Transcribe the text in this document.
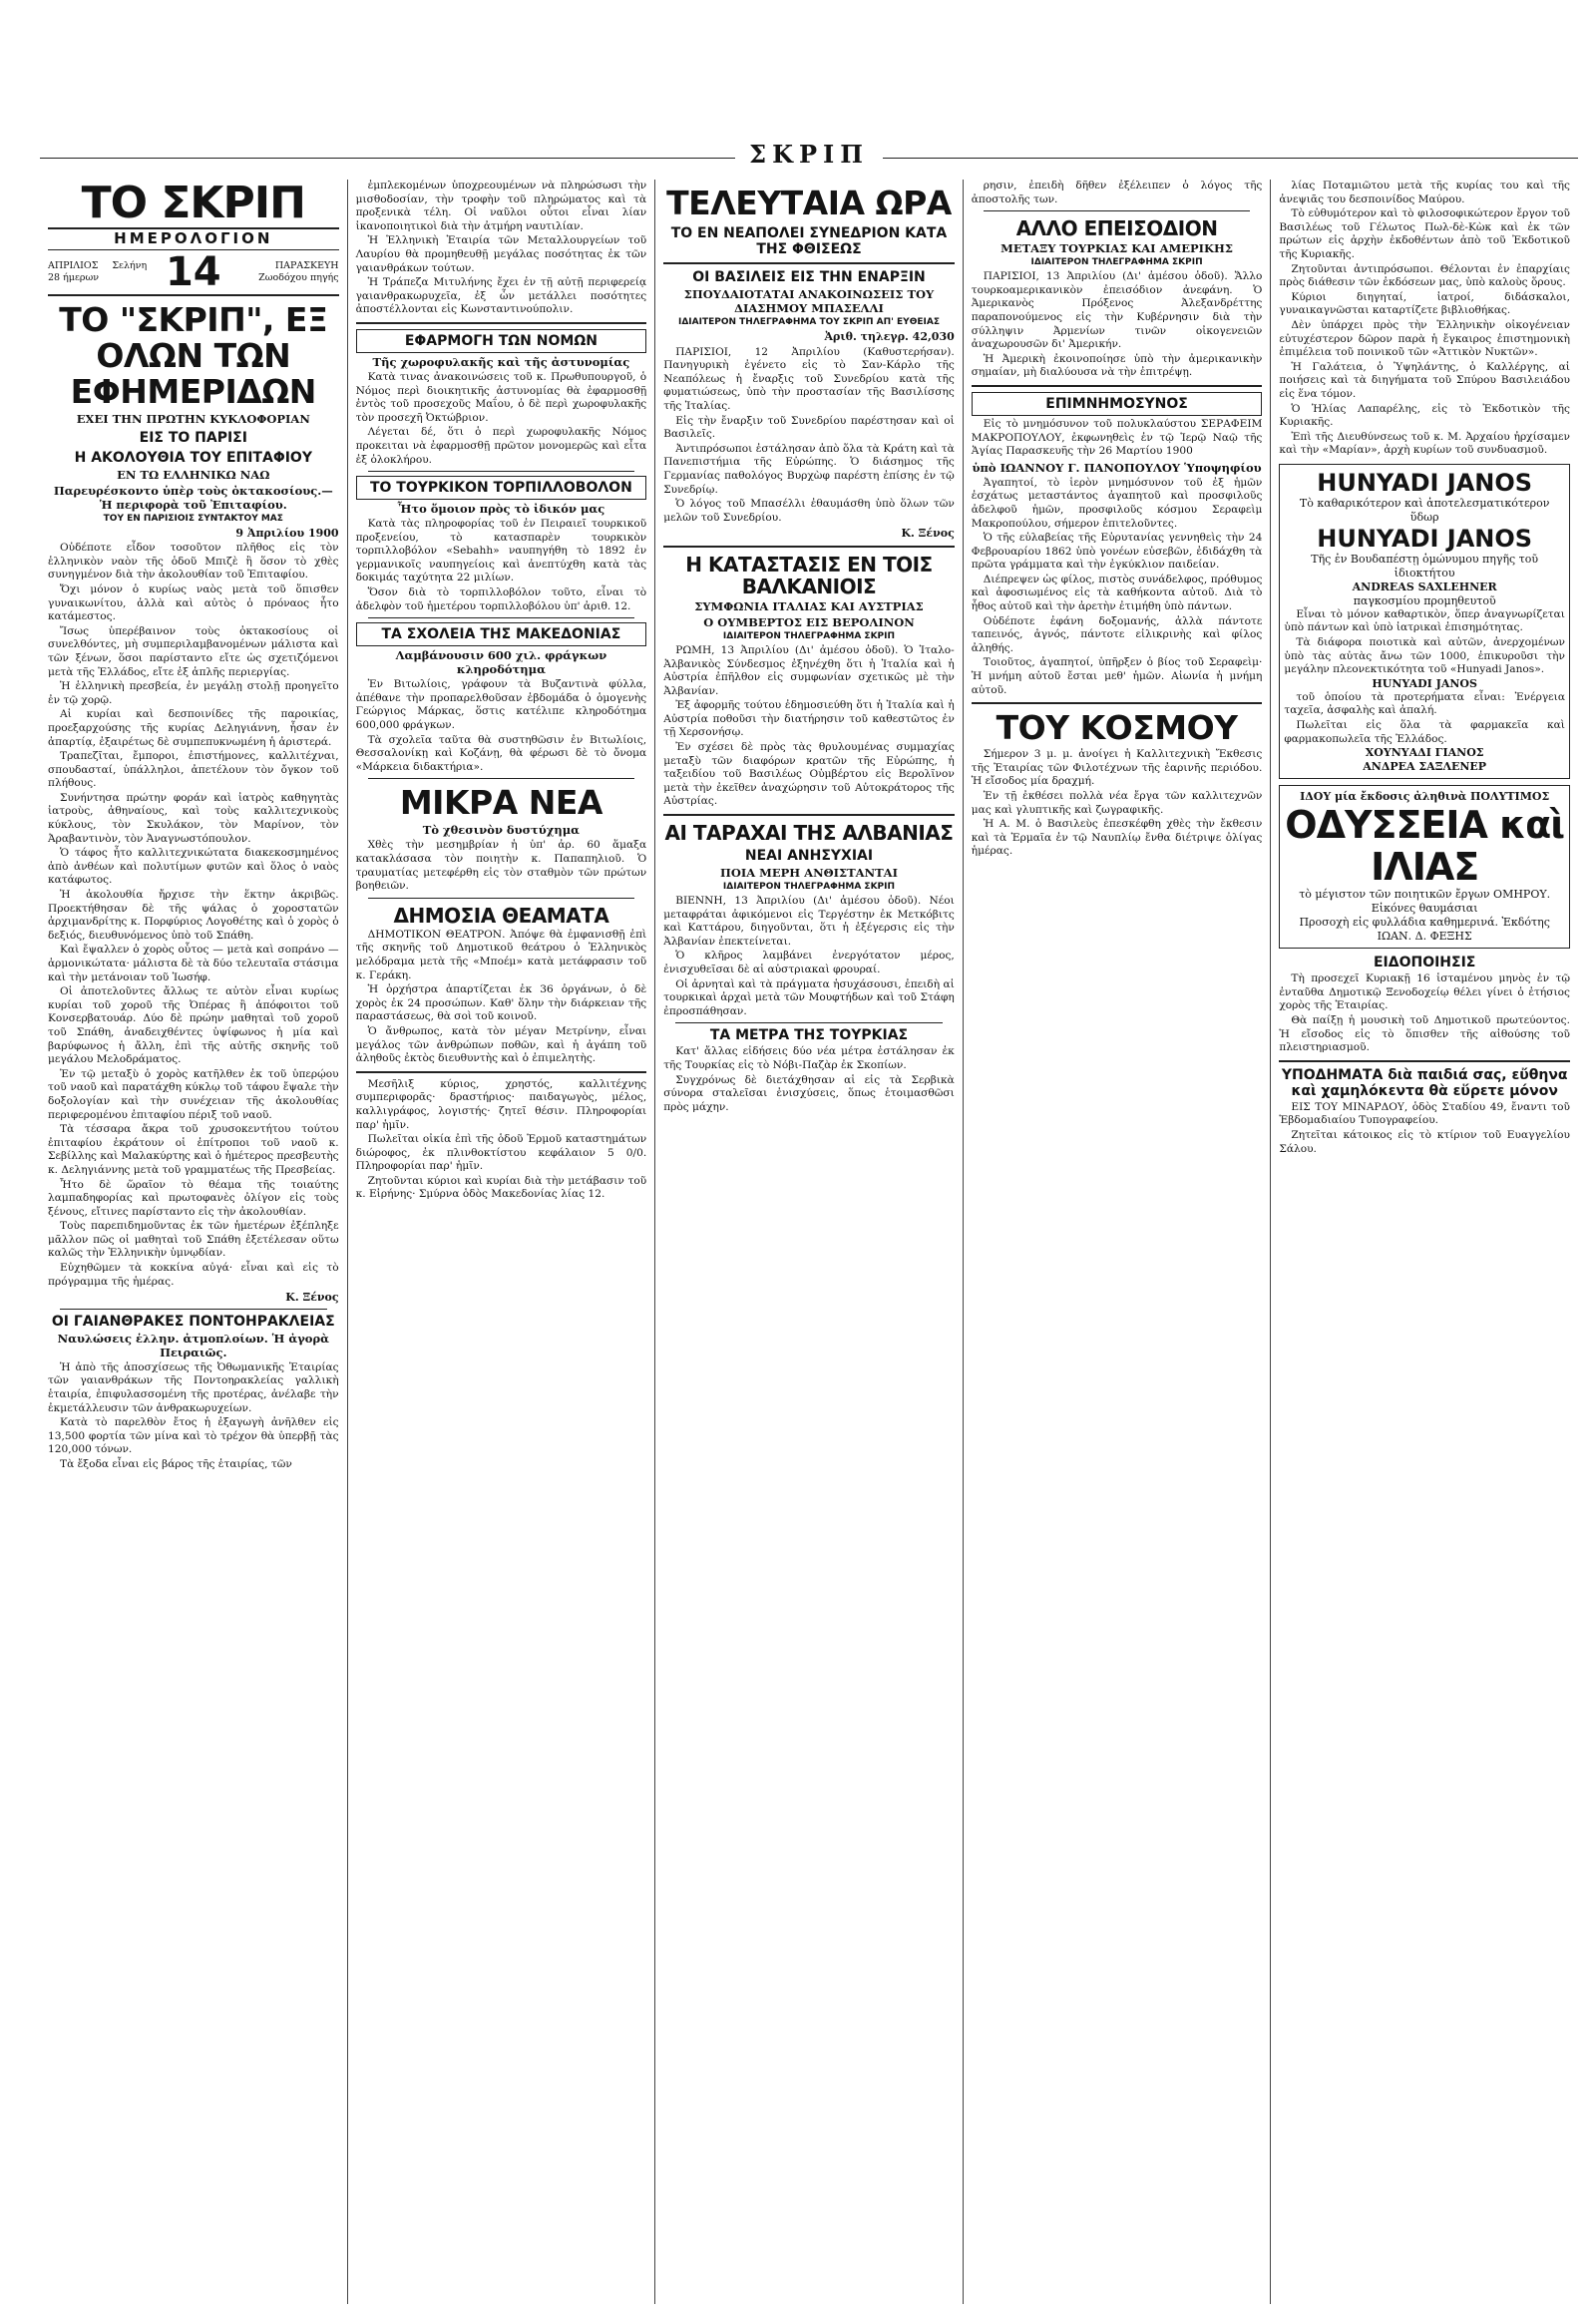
ΣΚΡΙΠ
ΤΟ ΣΚΡΙΠ
ΗΜΕΡΟΛΟΓΙΟΝ
ΑΠΡΙΛΙΟΣ Σελήνη 28 ήμερων	14	ΠΑΡΑΣΚΕΥΗ Ζωοδόχου πηγής
ΤΟ "ΣΚΡΙΠ", ΕΞ ΟΛΩΝ ΤΩΝ ΕΦΗΜΕΡΙΔΩΝ
ΕΧΕΙ ΤΗΝ ΠΡΩΤΗΝ ΚΥΚΛΟΦΟΡΙΑΝ
ΕΙΣ ΤΟ ΠΑΡΙΣΙ
Η ΑΚΟΛΟΥΘΙΑ ΤΟΥ ΕΠΙΤΑΦΙΟΥ
ΕΝ ΤΩ ΕΛΛΗΝΙΚΩ ΝΑΩ
Παρευρέσκοντο ὑπὲρ τοὺς ὀκτακοσίους.—Ἡ περιφορὰ τοῦ Ἐπιταφίου.
ΤΟΥ ΕΝ ΠΑΡΙΣΙΟΙΣ ΣΥΝΤΑΚΤΟΥ ΜΑΣ
9 Ἀπριλίου 1900

Οὐδέποτε εἶδον τοσοῦτον πλῆθος εἰς τὸν ἑλληνικὸν ναὸν τῆς ὁδοῦ Μπιζὲ ἢ ὅσον τὸ χθὲς συνηγμένον διὰ τὴν ἀκολουθίαν τοῦ Ἐπιταφίου.

Ὄχι μόνον ὁ κυρίως ναὸς μετὰ τοῦ ὅπισθεν γυναικωνίτου, ἀλλὰ καὶ αὐτὸς ὁ πρόναος ἦτο κατάμεστος.

Ἴσως ὑπερέβαινον τοὺς ὀκτακοσίους οἱ συνελθόντες, μὴ συμπεριλαμβανομένων μάλιστα καὶ τῶν ξένων, ὅσοι παρίσταντο εἴτε ὡς σχετιζόμενοι μετὰ τῆς Ἑλλάδος, εἴτε ἐξ ἁπλῆς περιεργίας.

Ἡ ἑλληνικὴ πρεσβεία, ἐν μεγάλῃ στολῇ προηγεῖτο ἐν τῷ χορῷ.

Αἱ κυρίαι καὶ δεσποινίδες τῆς παροικίας, προεξαρχούσης τῆς κυρίας Δεληγιάννη, ἦσαν ἐν ἀπαρτίᾳ, ἐξαιρέτως δὲ συμπεπυκνωμένη ἡ ἀριστερά.

Τραπεζῖται, ἔμποροι, ἐπιστήμονες, καλλιτέχναι, σπουδασταί, ὑπάλληλοι, ἀπετέλουν τὸν ὄγκον τοῦ πλήθους.

Συνήντησα πρώτην φοράν καὶ ἰατρὸς καθηγητὰς ἰατροὺς, ἀθηναίους, καὶ τοὺς καλλιτεχνικοὺς κύκλους, τὸν Σκυλάκον, τὸν Μαρίνον, τὸν Ἀραβαντινὸν, τὸν Ἀναγνωστόπουλον.

Ὁ τάφος ἦτο καλλιτεχνικώτατα διακεκοσμημένος ἀπὸ ἀνθέων καὶ πολυτίμων φυτῶν καὶ ὅλος ὁ ναὸς κατάφωτος.

Ἡ ἀκολουθία ἤρχισε τὴν ἕκτην ἀκριβῶς. Προεκτήθησαν δὲ τῆς ψάλας ὁ χοροστατῶν ἀρχιμανδρίτης κ. Πορφύριος Λογοθέτης καὶ ὁ χορὸς ὁ δεξιός, διευθυνόμενος ὑπὸ τοῦ Σπάθη.

Καὶ ἔψαλλεν ὁ χορὸς οὗτος — μετὰ καὶ σοπράνο — ἁρμονικώτατα· μάλιστα δὲ τὰ δύο τελευταῖα στάσιμα καὶ τὴν μετάνοιαν τοῦ Ἰωσήφ.

Οἱ ἀποτελοῦντες ἄλλως τε αὐτὸν εἶναι κυρίως κυρίαι τοῦ χοροῦ τῆς Ὀπέρας ἢ ἀπόφοιτοι τοῦ Κονσερβατουάρ. Δύο δὲ πρώην μαθηταὶ τοῦ χοροῦ τοῦ Σπάθη, ἀναδειχθέντες ὑψίφωνος ἡ μία καὶ βαρύφωνος ἡ ἄλλη, ἐπὶ τῆς αὐτῆς σκηνῆς τοῦ μεγάλου Μελοδράματος.

Ἐν τῷ μεταξὺ ὁ χορὸς κατῆλθεν ἐκ τοῦ ὑπερῴου τοῦ ναοῦ καὶ παρατάχθη κύκλῳ τοῦ τάφου ἔψαλε τὴν δοξολογίαν καὶ τὴν συνέχειαν τῆς ἀκολουθίας περιφερομένου ἐπιταφίου πέριξ τοῦ ναοῦ.

Τὰ τέσσαρα ἄκρα τοῦ χρυσοκεντήτου τούτου ἐπιταφίου ἐκράτουν οἱ ἐπίτροποι τοῦ ναοῦ κ. Σεβίλλης καὶ Μαλακύρτης καὶ ὁ ἡμέτερος πρεσβευτὴς κ. Δεληγιάννης μετὰ τοῦ γραμματέως τῆς Πρεσβείας.

Ἦτο δὲ ὥραῖον τὸ θέαμα τῆς τοιαύτης λαμπαδηφορίας καὶ πρωτοφανὲς ὀλίγον εἰς τοὺς ξένους, εἴτινες παρίσταντο εἰς τὴν ἀκολουθίαν.

Τοὺς παρεπιδημοῦντας ἐκ τῶν ἡμετέρων ἐξέπληξε μᾶλλον πῶς οἱ μαθηταὶ τοῦ Σπάθη ἐξετέλεσαν οὕτω καλῶς τὴν Ἑλληνικὴν ὑμνῳδίαν.

Εὐχηθῶμεν τὰ κοκκίνα αὐγά· εἶναι καὶ εἰς τὸ πρόγραμμα τῆς ἡμέρας.

Κ. Ξένος
ΟΙ ΓΑΙΑΝΘΡΑΚΕΣ ΠΟΝΤΟΗΡΑΚΛΕΙΑΣ
Ναυλώσεις ἑλλην. ἀτμοπλοίων. Ἡ ἀγορὰ Πειραιῶς.

Ἡ ἀπὸ τῆς ἀποσχίσεως τῆς Ὀθωμανικῆς Ἑταιρίας τῶν γαιανθράκων τῆς Ποντοηρακλείας γαλλικὴ ἑταιρία, ἐπιφυλασσομένη τῆς προτέρας, ἀνέλαβε τὴν ἐκμετάλλευσιν τῶν ἀνθρακωρυχείων.

Κατὰ τὸ παρελθὸν ἔτος ἡ ἐξαγωγὴ ἀνῆλθεν εἰς 13,500 φορτία τῶν μίνα καὶ τὸ τρέχον θὰ ὑπερβῇ τὰς 120,000 τόνων.

Τὰ ἔξοδα εἶναι εἰς βάρος τῆς ἑταιρίας, τῶν

ἐμπλεκομένων ὑποχρεουμένων νὰ πληρώσωσι τὴν μισθοδοσίαν, τὴν τροφὴν τοῦ πληρώματος καὶ τὰ προξενικὰ τέλη. Οἱ ναῦλοι οὗτοι εἶναι λίαν ἱκανοποιητικοὶ διὰ τὴν ἀτμήρη ναυτιλίαν.

Ἡ Ἑλληνικὴ Ἑταιρία τῶν Μεταλλουργείων τοῦ Λαυρίου θὰ προμηθευθῇ μεγάλας ποσότητας ἐκ τῶν γαιανθράκων τούτων.

Ἡ Τράπεζα Μιτυλήνης ἔχει ἐν τῇ αὐτῇ περιφερείᾳ γαιανθρακωρυχεῖα, ἐξ ὧν μετάλλει ποσότητες ἀποστέλλονται εἰς Κωνσταντινούπολιν.

ΕΦΑΡΜΟΓΗ ΤΩΝ ΝΟΜΩΝ
Τῆς χωροφυλακῆς καὶ τῆς ἀστυνομίας

Κατὰ τινας ἀνακοινώσεις τοῦ κ. Πρωθυπουργοῦ, ὁ Νόμος περὶ διοικητικῆς ἀστυνομίας θὰ ἐφαρμοσθῇ ἐντὸς τοῦ προσεχοῦς Μαΐου, ὁ δὲ περὶ χωροφυλακῆς τὸν προσεχῆ Ὀκτώβριον.

Λέγεται δέ, ὅτι ὁ περὶ χωροφυλακῆς Νόμος προκειται νὰ ἐφαρμοσθῇ πρῶτον μονομερῶς καὶ εἶτα ἐξ ὁλοκλήρου.

ΤΟ ΤΟΥΡΚΙΚΟΝ ΤΟΡΠΙΛΛΟΒΟΛΟΝ
Ἦτο ὅμοιον πρὸς τὸ ἰδικόν μας

Κατὰ τὰς πληροφορίας τοῦ ἐν Πειραιεῖ τουρκικοῦ προξενείου, τὸ κατασπαρὲν τουρκικὸν τορπιλλοβόλον «Sebahh» ναυπηγήθη τὸ 1892 ἐν γερμανικοῖς ναυπηγείοις καὶ ἀνεπτύχθη κατὰ τὰς δοκιμάς ταχύτητα 22 μιλίων.

Ὅσον διὰ τὸ τορπιλλοβόλον τοῦτο, εἶναι τὸ ἀδελφὸν τοῦ ἡμετέρου τορπιλλοβόλου ὑπ' ἀριθ. 12.

ΤΑ ΣΧΟΛΕΙΑ ΤΗΣ ΜΑΚΕΔΟΝΙΑΣ
Λαμβάνουσιν 600 χιλ. φράγκων κληροδότημα

Ἐν Βιτωλίοις, γράφουν τὰ Βυζαντινὰ φύλλα, ἀπέθανε τὴν προπαρελθοῦσαν ἑβδομάδα ὁ ὁμογενὴς Γεώργιος Μάρκας, ὅστις κατέλιπε κληροδότημα 600,000 φράγκων.

Τὰ σχολεῖα ταῦτα θὰ συστηθῶσιν ἐν Βιτωλίοις, Θεσσαλονίκῃ καὶ Κοζάνῃ, θὰ φέρωσι δὲ τὸ ὄνομα «Μάρκεια διδακτήρια».

ΜΙΚΡΑ ΝΕΑ
Τὸ χθεσινὸν δυστύχημα

Χθὲς τὴν μεσημβρίαν ἡ ὑπ' ἀρ. 60 ἅμαξα κατακλάσασα τὸν ποιητὴν κ. Παπαπηλιοῦ. Ὁ τραυματίας μετεφέρθη εἰς τὸν σταθμὸν τῶν πρώτων βοηθειῶν.

ΔΗΜΟΣΙΑ ΘΕΑΜΑΤΑ

ΔΗΜΟΤΙΚΟΝ ΘΕΑΤΡΟΝ. Ἀπόψε θὰ ἐμφανισθῇ ἐπὶ τῆς σκηνῆς τοῦ Δημοτικοῦ θεάτρου ὁ Ἑλληνικὸς μελόδραμα μετὰ τῆς «Μποέμ» κατὰ μετάφρασιν τοῦ κ. Γεράκη.

Ἡ ὀρχήστρα ἀπαρτίζεται ἐκ 36 ὀργάνων, ὁ δὲ χορὸς ἐκ 24 προσώπων. Καθ' ὅλην τὴν διάρκειαν τῆς παραστάσεως, θὰ σοὶ τοῦ κοινοῦ.

Ὁ ἄνθρωπος, κατὰ τὸν μέγαν Μετρίνην, εἶναι μεγάλος τῶν ἀνθρώπων ποθῶν, καὶ ἡ ἀγάπη τοῦ ἀληθοῦς ἐκτὸς διευθυντὴς καὶ ὁ ἐπιμελητὴς.

Μεσῆλιξ κύριος, χρηστός, καλλιτέχνης συμπεριφορᾶς· δραστήριος· παιδαγωγὸς, μέλος, καλλιγράφος, λογιστής· ζητεῖ θέσιν. Πληροφορίαι παρ' ἡμῖν.

Πωλεῖται οἰκία ἐπὶ τῆς ὁδοῦ Ἑρμοῦ καταστημάτων διώροφος, ἐκ πλινθοκτίστου κεφάλαιον 5 0/0. Πληροφορίαι παρ' ἡμῖν.

Ζητοῦνται κύριοι καὶ κυρίαι διὰ τὴν μετάβασιν τοῦ κ. Εἰρήνης· Σμύρνα ὁδὸς Μακεδονίας λίας 12.

ΤΕΛΕΥΤΑΙΑ ΩΡΑ
ΤΟ ΕΝ ΝΕΑΠΟΛΕΙ ΣΥΝΕΔΡΙΟΝ ΚΑΤΑ ΤΗΣ ΦΘΙΣΕΩΣ
ΟΙ ΒΑΣΙΛΕΙΣ ΕΙΣ ΤΗΝ ΕΝΑΡΞΙΝ
ΣΠΟΥΔΑΙΟΤΑΤΑΙ ΑΝΑΚΟΙΝΩΣΕΙΣ ΤΟΥ ΔΙΑΣΗΜΟΥ ΜΠΑΣΕΛΛΙ
ΙΔΙΑΙΤΕΡΟΝ ΤΗΛΕΓΡΑΦΗΜΑ ΤΟΥ ΣΚΡΙΠ ΑΠ' ΕΥΘΕΙΑΣ
Ἀριθ. τηλεγρ. 42,030

ΠΑΡΙΣΙΟΙ, 12 Ἀπριλίου (Καθυστερήσαν). Πανηγυρικὴ ἐγένετο εἰς τὸ Σαν-Κάρλο τῆς Νεαπόλεως ἡ ἔναρξις τοῦ Συνεδρίου κατὰ τῆς φυματιώσεως, ὑπὸ τὴν προστασίαν τῆς Βασιλίσσης τῆς Ἰταλίας.

Εἰς τὴν ἔναρξιν τοῦ Συνεδρίου παρέστησαν καὶ οἱ Βασιλεῖς.

Ἀντιπρόσωποι ἐστάλησαν ἀπὸ ὅλα τὰ Κράτη καὶ τὰ Πανεπιστήμια τῆς Εὐρώπης. Ὁ διάσημος τῆς Γερμανίας παθολόγος Βυρχὼφ παρέστη ἐπίσης ἐν τῷ Συνεδρίῳ.

Ὁ λόγος τοῦ Μπασέλλι ἐθαυμάσθη ὑπὸ ὅλων τῶν μελῶν τοῦ Συνεδρίου.

Κ. Ξένος
Η ΚΑΤΑΣΤΑΣΙΣ ΕΝ ΤΟΙΣ ΒΑΛΚΑΝΙΟΙΣ
ΣΥΜΦΩΝΙΑ ΙΤΑΛΙΑΣ ΚΑΙ ΑΥΣΤΡΙΑΣ
Ο ΟΥΜΒΕΡΤΟΣ ΕΙΣ ΒΕΡΟΛΙΝΟΝ
ΙΔΙΑΙΤΕΡΟΝ ΤΗΛΕΓΡΑΦΗΜΑ ΣΚΡΙΠ

ΡΩΜΗ, 13 Ἀπριλίου (Δι' ἀμέσου ὁδοῦ). Ὁ Ἰταλο-Ἀλβανικὸς Σύνδεσμος ἐξηνέχθη ὅτι ἡ Ἰταλία καὶ ἡ Αὐστρία ἐπῆλθον εἰς συμφωνίαν σχετικῶς μὲ τὴν Ἀλβανίαν.

Ἐξ ἀφορμῆς τούτου ἐδημοσιεύθη ὅτι ἡ Ἰταλία καὶ ἡ Αὐστρία ποθοῦσι τὴν διατήρησιν τοῦ καθεστῶτος ἐν τῇ Χερσονήσῳ.

Ἐν σχέσει δὲ πρὸς τὰς θρυλουμένας συμμαχίας μεταξὺ τῶν διαφόρων κρατῶν τῆς Εὐρώπης, ἡ ταξειδίου τοῦ Βασιλέως Οὐμβέρτου εἰς Βερολῖνον μετὰ τὴν ἐκεῖθεν ἀναχώρησιν τοῦ Αὐτοκράτορος τῆς Αὐστρίας.

ΑΙ ΤΑΡΑΧΑΙ ΤΗΣ ΑΛΒΑΝΙΑΣ
ΝΕΑΙ ΑΝΗΣΥΧΙΑΙ
ΠΟΙΑ ΜΕΡΗ ΑΝΘΙΣΤΑΝΤΑΙ
ΙΔΙΑΙΤΕΡΟΝ ΤΗΛΕΓΡΑΦΗΜΑ ΣΚΡΙΠ

ΒΙΕΝΝΗ, 13 Ἀπριλίου (Δι' ἀμέσου ὁδοῦ). Νέοι μεταφράται ἀφικόμενοι εἰς Τεργέστην ἐκ Μετκόβιτς καὶ Καττάρου, διηγοῦνται, ὅτι ἡ ἐξέγερσις εἰς τὴν Ἀλβανίαν ἐπεκτείνεται.

Ὁ κλῆρος λαμβάνει ἐνεργότατον μέρος, ἐνισχυθεῖσαι δὲ αἱ αὐστριακαὶ φρουραί.

Οἱ ἀρνηταὶ καὶ τὰ πράγματα ἡσυχάσουσι, ἐπειδὴ αἱ τουρκικαὶ ἀρχαὶ μετὰ τῶν Μουφτήδων καὶ τοῦ Στάφη ἐπροσπάθησαν.

ΤΑ ΜΕΤΡΑ ΤΗΣ ΤΟΥΡΚΙΑΣ

Κατ' ἄλλας εἰδήσεις δύο νέα μέτρα ἐστάλησαν ἐκ τῆς Τουρκίας εἰς τὸ Νόβι-Παζὰρ ἐκ Σκοπίων.

Συγχρόνως δὲ διετάχθησαν αἱ εἰς τὰ Σερβικὰ σύνορα σταλεῖσαι ἐνισχύσεις, ὅπως ἑτοιμασθῶσι πρὸς μάχην.

ρησιν, ἐπειδὴ δῆθεν ἐξέλειπεν ὁ λόγος τῆς ἀποστολῆς των.

ΑΛΛΟ ΕΠΕΙΣΟΔΙΟΝ
ΜΕΤΑΞΥ ΤΟΥΡΚΙΑΣ ΚΑΙ ΑΜΕΡΙΚΗΣ
ΙΔΙΑΙΤΕΡΟΝ ΤΗΛΕΓΡΑΦΗΜΑ ΣΚΡΙΠ

ΠΑΡΙΣΙΟΙ, 13 Ἀπριλίου (Δι' ἀμέσου ὁδοῦ). Ἄλλο τουρκοαμερικανικὸν ἐπεισόδιον ἀνεφάνη. Ὁ Ἀμερικανὸς Πρόξενος Ἀλεξανδρέττης παραπονούμενος εἰς τὴν Κυβέρνησιν διὰ τὴν σύλληψιν Ἀρμενίων τινῶν οἰκογενειῶν ἀναχωρουσῶν δι' Ἀμερικήν.

Ἡ Ἀμερικὴ ἐκοινοποίησε ὑπὸ τὴν ἀμερικανικὴν σημαίαν, μὴ διαλύουσα νὰ τὴν ἐπιτρέψῃ.

ΕΠΙΜΝΗΜΟΣΥΝΟΣ

Εἰς τὸ μνημόσυνον τοῦ πολυκλαύστου ΣΕΡΑΦΕΙΜ ΜΑΚΡΟΠΟΥΛΟΥ, ἐκφωνηθεὶς ἐν τῷ Ἱερῷ Ναῷ τῆς Ἁγίας Παρασκευῆς τὴν 26 Μαρτίου 1900

ὑπὸ ΙΩΑΝΝΟΥ Γ. ΠΑΝΟΠΟΥΛΟΥ Ὑποψηφίου

Ἀγαπητοί, τὸ ἱερὸν μνημόσυνον τοῦ ἐξ ἡμῶν ἐσχάτως μεταστάντος ἀγαπητοῦ καὶ προσφιλοῦς ἀδελφοῦ ἡμῶν, προσφιλοῦς κόσμου Σεραφεὶμ Μακροπούλου, σήμερον ἐπιτελοῦντες.

Ὁ τῆς εὐλαβείας τῆς Εὐρυτανίας γεννηθεὶς τὴν 24 Φεβρουαρίου 1862 ὑπὸ γονέων εὐσεβῶν, ἐδιδάχθη τὰ πρῶτα γράμματα καὶ τὴν ἐγκύκλιον παιδείαν.

Διέπρεψεν ὡς φίλος, πιστὸς συνάδελφος, πρόθυμος καὶ ἀφοσιωμένος εἰς τὰ καθήκοντα αὐτοῦ. Διὰ τὸ ἦθος αὐτοῦ καὶ τὴν ἀρετὴν ἐτιμήθη ὑπὸ πάντων.

Οὐδέποτε ἐφάνη δοξομανής, ἀλλὰ πάντοτε ταπεινός, ἁγνός, πάντοτε εἰλικρινὴς καὶ φίλος ἀληθής.

Τοιοῦτος, ἀγαπητοί, ὑπῆρξεν ὁ βίος τοῦ Σεραφεὶμ· Ἡ μνήμη αὐτοῦ ἔσται μεθ' ἡμῶν. Αἰωνία ἡ μνήμη αὐτοῦ.

ΤΟΥ ΚΟΣΜΟΥ

Σήμερον 3 μ. μ. ἀνοίγει ἡ Καλλιτεχνικὴ Ἔκθεσις τῆς Ἑταιρίας τῶν Φιλοτέχνων τῆς ἐαρινῆς περιόδου. Ἡ εἴσοδος μία δραχμή.

Ἐν τῇ ἐκθέσει πολλὰ νέα ἔργα τῶν καλλιτεχνῶν μας καὶ γλυπτικῆς καὶ ζωγραφικῆς.

Ἡ Α. Μ. ὁ Βασιλεὺς ἐπεσκέφθη χθὲς τὴν ἔκθεσιν καὶ τὰ Ἑρμαῖα ἐν τῷ Ναυπλίῳ ἔνθα διέτριψε ὀλίγας ἡμέρας.

λίας Ποταμιῶτου μετὰ τῆς κυρίας του καὶ τῆς ἀνεψιᾶς του δεσποινίδος Μαύρου.

Τὸ εὐθυμότερον καὶ τὸ φιλοσοφικώτερον ἔργον τοῦ Βασιλέως τοῦ Γέλωτος Πωλ-δὲ-Κὼκ καὶ ἐκ τῶν πρώτων εἰς ἀρχὴν ἐκδοθέντων ἀπὸ τοῦ Ἐκδοτικοῦ τῆς Κυριακῆς.

Ζητοῦνται ἀντιπρόσωποι. Θέλονται ἐν ἐπαρχίαις πρὸς διάθεσιν τῶν ἐκδόσεων μας, ὑπὸ καλοὺς ὅρους.

Κύριοι διηγηταί, ἰατροί, διδάσκαλοι, γυναικαγνῶσται καταρτίζετε βιβλιοθήκας.

Δὲν ὑπάρχει πρὸς τὴν Ἑλληνικὴν οἰκογένειαν εὐτυχέστερον δῶρον παρὰ ἡ ἔγκαιρος ἐπιστημονικὴ ἐπιμέλεια τοῦ ποινικοῦ τῶν «Ἀττικὸν Νυκτῶν».

Ἡ Γαλάτεια, ὁ Ὑψηλάντης, ὁ Καλλέργης, αἱ ποιήσεις καὶ τὰ διηγήματα τοῦ Σπύρου Βασιλειάδου εἰς ἕνα τόμον.

Ὁ Ἡλίας Λαπαρέλης, εἰς τὸ Ἐκδοτικὸν τῆς Κυριακῆς.

Ἐπὶ τῆς Διευθύνσεως τοῦ κ. Μ. Ἀρχαίου ἠρχίσαμεν καὶ τὴν «Μαρίαν», ἀρχὴ κυρίων τοῦ συνδυασμοῦ.

HUNYADI JANOS
Τὸ καθαρικότερον καὶ ἀποτελεσματικότερον ὕδωρ
HUNYADI JANOS
Τῆς ἐν Βουδαπέστῃ ὁμώνυμου πηγῆς τοῦ ἰδιοκτήτου
ANDREAS SAXLEHNER
παγκοσμίου προμηθευτοῦ

Εἶναι τὸ μόνον καθαρτικὸν, ὅπερ ἀναγνωρίζεται ὑπὸ πάντων καὶ ὑπὸ ἰατρικαὶ ἐπισημότητας.

Τὰ διάφορα ποιοτικὰ καὶ αὐτῶν, ἀνερχομένων ὑπὸ τὰς αὐτὰς ἄνω τῶν 1000, ἐπικυροῦσι τὴν μεγάλην πλεονεκτικότητα τοῦ «Hunyadi Janos».

HUNYADI JANOS

τοῦ ὁποίου τὰ προτερήματα εἶναι: Ἐνέργεια ταχεῖα, ἀσφαλὴς καὶ ἀπαλή.

Πωλεῖται εἰς ὅλα τὰ φαρμακεῖα καὶ φαρμακοπωλεῖα τῆς Ἑλλάδος.

ΧΟΥΝΥΑΔΙ ΓΙΑΝΟΣ
ΑΝΔΡΕΑ ΣΑΞΛΕΝΕΡ
ΙΔΟΥ μία ἔκδοσις ἀληθινὰ ΠΟΛΥΤΙΜΟΣ
ΟΔΥΣΣΕΙΑ καὶ ΙΛΙΑΣ
τὸ μέγιστον τῶν ποιητικῶν ἔργων ΟΜΗΡΟΥ. Εἰκόνες θαυμάσιαι
Προσοχὴ εἰς φυλλάδια καθημερινά. Ἐκδότης ΙΩΑΝ. Δ. ΦΕΞΗΣ
ΕΙΔΟΠΟΙΗΣΙΣ

Τὴ προσεχεῖ Κυριακῇ 16 ἱσταμένου μηνὸς ἐν τῷ ἐνταῦθα Δημοτικῷ Ξενοδοχείῳ θέλει γίνει ὁ ἐτήσιος χορὸς τῆς Ἑταιρίας.

Θὰ παίξῃ ἡ μουσικὴ τοῦ Δημοτικοῦ πρωτεύοντος. Ἡ εἴσοδος εἰς τὸ ὅπισθεν τῆς αἰθούσης τοῦ πλειστηριασμοῦ.

ΥΠΟΔΗΜΑΤΑ διὰ παιδιά σας, εὔθηνα καὶ χαμηλόκεντα θὰ εὕρετε μόνον

ΕΙΣ ΤΟΥ ΜΙΝΑΡΔΟΥ, ὁδὸς Σταδίου 49, ἔναντι τοῦ Ἑβδομαδιαίου Τυπογραφείου.

Ζητεῖται κάτοικος εἰς τὸ κτίριον τοῦ Ευαγγελίου Σάλου.
